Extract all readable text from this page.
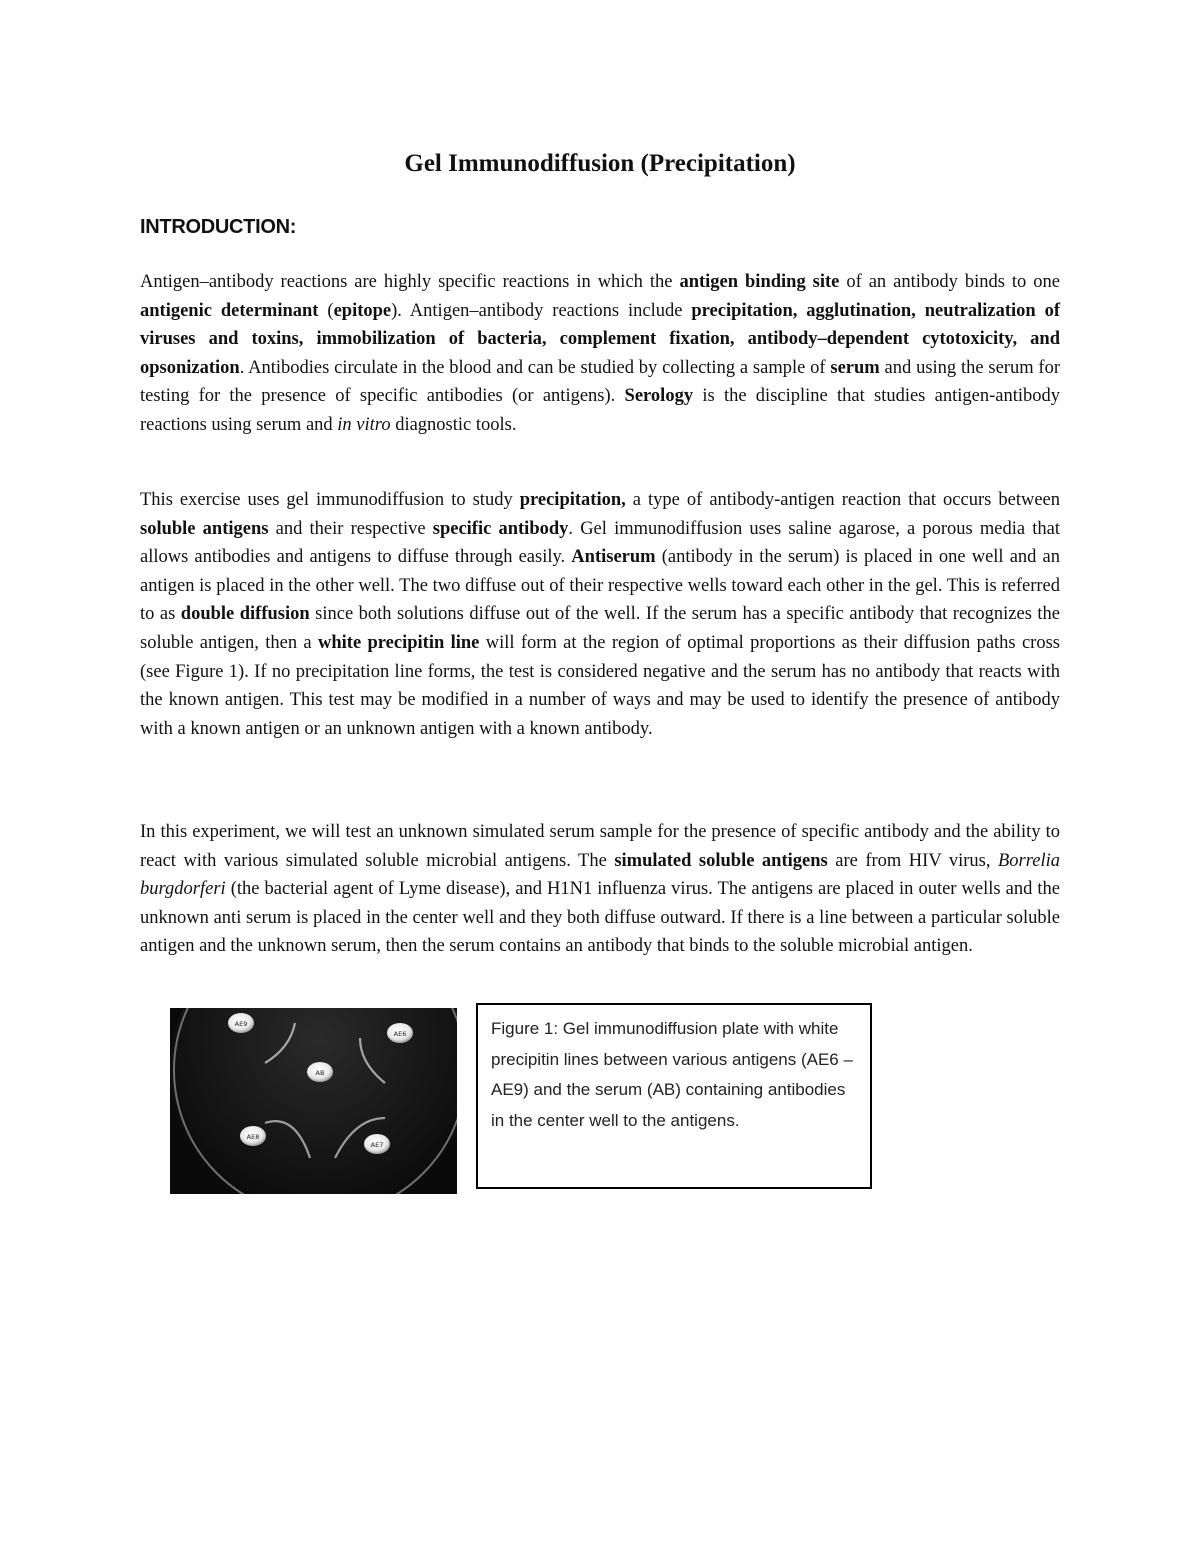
Gel Immunodiffusion (Precipitation)
INTRODUCTION:
Antigen–antibody reactions are highly specific reactions in which the antigen binding site of an antibody binds to one antigenic determinant (epitope). Antigen–antibody reactions include precipitation, agglutination, neutralization of viruses and toxins, immobilization of bacteria, complement fixation, antibody–dependent cytotoxicity, and opsonization. Antibodies circulate in the blood and can be studied by collecting a sample of serum and using the serum for testing for the presence of specific antibodies (or antigens). Serology is the discipline that studies antigen-antibody reactions using serum and in vitro diagnostic tools.
This exercise uses gel immunodiffusion to study precipitation, a type of antibody-antigen reaction that occurs between soluble antigens and their respective specific antibody. Gel immunodiffusion uses saline agarose, a porous media that allows antibodies and antigens to diffuse through easily. Antiserum (antibody in the serum) is placed in one well and an antigen is placed in the other well. The two diffuse out of their respective wells toward each other in the gel. This is referred to as double diffusion since both solutions diffuse out of the well. If the serum has a specific antibody that recognizes the soluble antigen, then a white precipitin line will form at the region of optimal proportions as their diffusion paths cross (see Figure 1). If no precipitation line forms, the test is considered negative and the serum has no antibody that reacts with the known antigen. This test may be modified in a number of ways and may be used to identify the presence of antibody with a known antigen or an unknown antigen with a known antibody.
In this experiment, we will test an unknown simulated serum sample for the presence of specific antibody and the ability to react with various simulated soluble microbial antigens. The simulated soluble antigens are from HIV virus, Borrelia burgdorferi (the bacterial agent of Lyme disease), and H1N1 influenza virus. The antigens are placed in outer wells and the unknown anti serum is placed in the center well and they both diffuse outward. If there is a line between a particular soluble antigen and the unknown serum, then the serum contains an antibody that binds to the soluble microbial antigen.
AE9
AE6
AB
AE8
AE7
Figure 1: Gel immunodiffusion plate with white precipitin lines between various antigens (AE6 – AE9) and the serum (AB) containing antibodies in the center well to the antigens.
